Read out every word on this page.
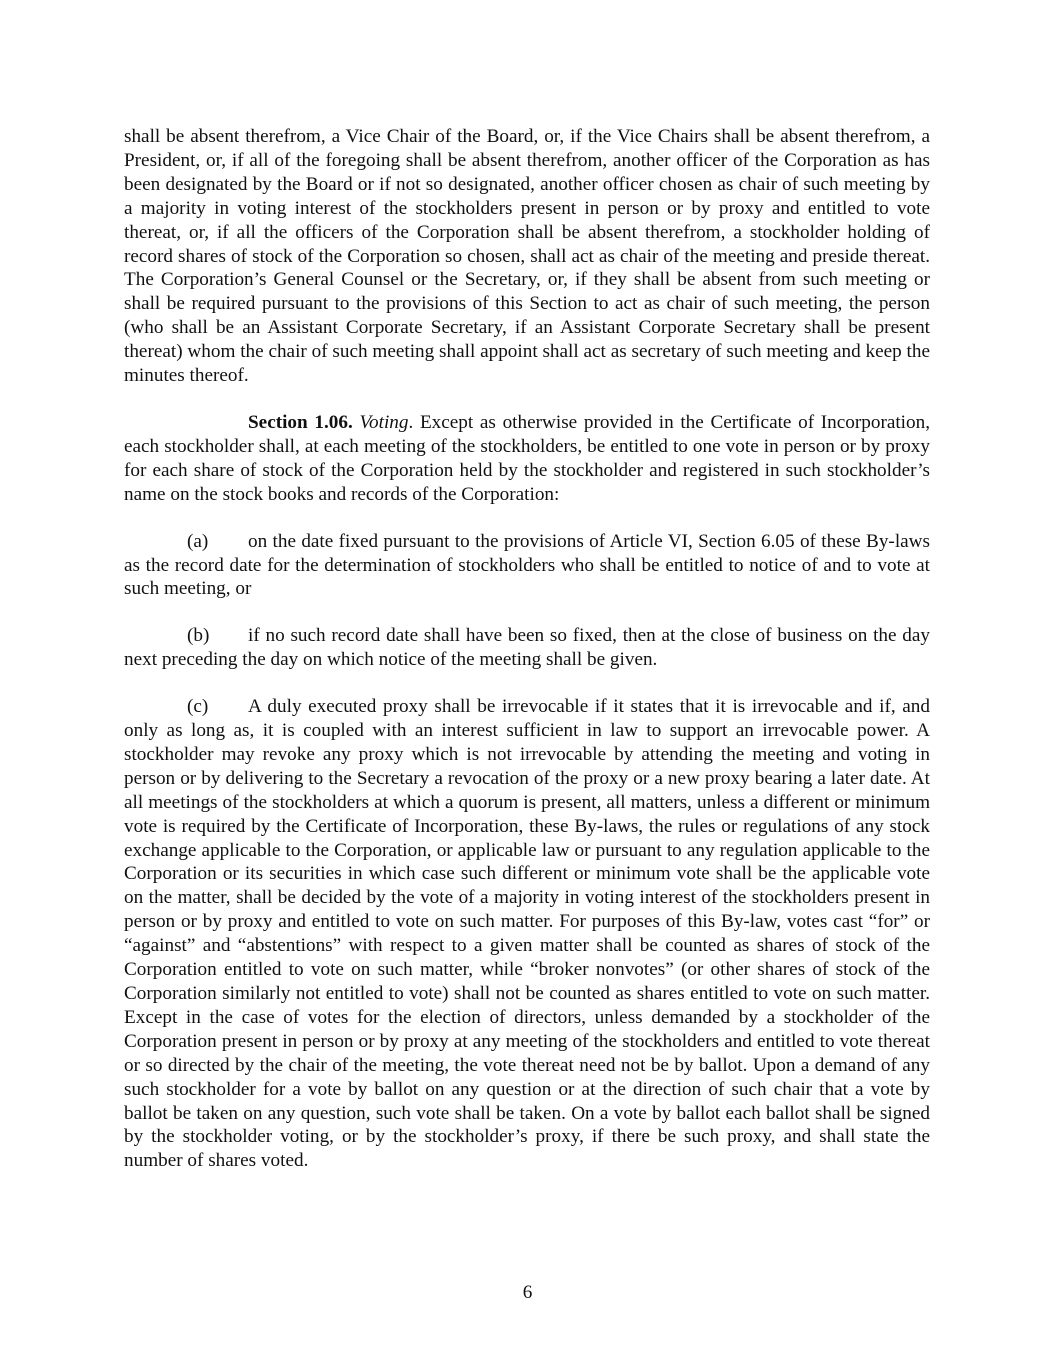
shall be absent therefrom, a Vice Chair of the Board, or, if the Vice Chairs shall be absent therefrom, a President, or, if all of the foregoing shall be absent therefrom, another officer of the Corporation as has been designated by the Board or if not so designated, another officer chosen as chair of such meeting by a majority in voting interest of the stockholders present in person or by proxy and entitled to vote thereat, or, if all the officers of the Corporation shall be absent therefrom, a stockholder holding of record shares of stock of the Corporation so chosen, shall act as chair of the meeting and preside thereat. The Corporation’s General Counsel or the Secretary, or, if they shall be absent from such meeting or shall be required pursuant to the provisions of this Section to act as chair of such meeting, the person (who shall be an Assistant Corporate Secretary, if an Assistant Corporate Secretary shall be present thereat) whom the chair of such meeting shall appoint shall act as secretary of such meeting and keep the minutes thereof.

Section 1.06. Voting. Except as otherwise provided in the Certificate of Incorporation, each stockholder shall, at each meeting of the stockholders, be entitled to one vote in person or by proxy for each share of stock of the Corporation held by the stockholder and registered in such stockholder’s name on the stock books and records of the Corporation:

(a) on the date fixed pursuant to the provisions of Article VI, Section 6.05 of these By-laws as the record date for the determination of stockholders who shall be entitled to notice of and to vote at such meeting, or

(b) if no such record date shall have been so fixed, then at the close of business on the day next preceding the day on which notice of the meeting shall be given.

(c) A duly executed proxy shall be irrevocable if it states that it is irrevocable and if, and only as long as, it is coupled with an interest sufficient in law to support an irrevocable power. A stockholder may revoke any proxy which is not irrevocable by attending the meeting and voting in person or by delivering to the Secretary a revocation of the proxy or a new proxy bearing a later date. At all meetings of the stockholders at which a quorum is present, all matters, unless a different or minimum vote is required by the Certificate of Incorporation, these By-laws, the rules or regulations of any stock exchange applicable to the Corporation, or applicable law or pursuant to any regulation applicable to the Corporation or its securities in which case such different or minimum vote shall be the applicable vote on the matter, shall be decided by the vote of a majority in voting interest of the stockholders present in person or by proxy and entitled to vote on such matter. For purposes of this By-law, votes cast “for” or “against” and “abstentions” with respect to a given matter shall be counted as shares of stock of the Corporation entitled to vote on such matter, while “broker nonvotes” (or other shares of stock of the Corporation similarly not entitled to vote) shall not be counted as shares entitled to vote on such matter. Except in the case of votes for the election of directors, unless demanded by a stockholder of the Corporation present in person or by proxy at any meeting of the stockholders and entitled to vote thereat or so directed by the chair of the meeting, the vote thereat need not be by ballot. Upon a demand of any such stockholder for a vote by ballot on any question or at the direction of such chair that a vote by ballot be taken on any question, such vote shall be taken. On a vote by ballot each ballot shall be signed by the stockholder voting, or by the stockholder’s proxy, if there be such proxy, and shall state the number of shares voted.

6
